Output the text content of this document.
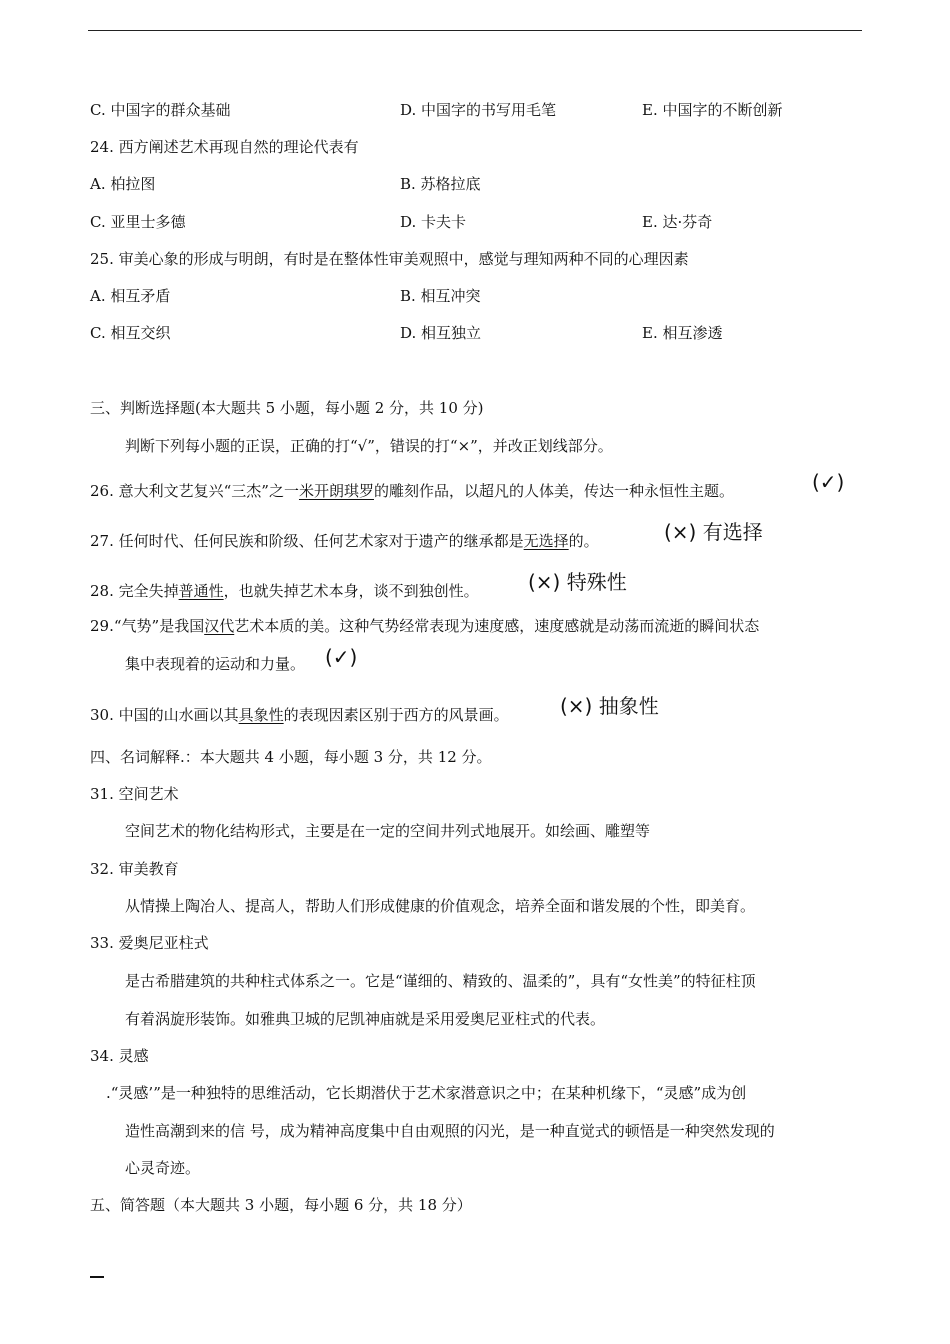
C. 中国字的群众基础	D. 中国字的书写用毛笔	E. 中国字的不断创新
24. 西方阐述艺术再现自然的理论代表有
A. 柏拉图	B. 苏格拉底
C. 亚里士多德	D. 卡夫卡	E. 达·芬奇
25. 审美心象的形成与明朗，有时是在整体性审美观照中，感觉与理知两种不同的心理因素
A. 相互矛盾	B. 相互冲突
C. 相互交织	D. 相互独立	E. 相互渗透
三、判断选择题(本大题共 5 小题，每小题 2 分，共 10 分)
判断下列每小题的正误，正确的打“√”，错误的打“×”，并改正划线部分。
26. 意大利文艺复兴“三杰”之一米开朗琪罗的雕刻作品，以超凡的人体美，传达一种永恒性主题。	(✓)
27. 任何时代、任何民族和阶级、任何艺术家对于遗产的继承都是无选择的。	(×) 有选择
28. 完全失掉普通性，也就失掉艺术本身，谈不到独创性。 (×) 特殊性
29.“气势”是我国汉代艺术本质的美。这种气势经常表现为速度感，速度感就是动荡而流逝的瞬间状态
集中表现着的运动和力量。 (✓)
30. 中国的山水画以其具象性的表现因素区别于西方的风景画。	(×) 抽象性
四、名词解释.：本大题共 4 小题，每小题 3 分，共 12 分。
31. 空间艺术
空间艺术的物化结构形式，主要是在一定的空间井列式地展开。如绘画、雕塑等
32. 审美教育
从情操上陶冶人、提高人，帮助人们形成健康的价值观念，培养全面和谐发展的个性，即美育。
33. 爱奥尼亚柱式
是古希腊建筑的共种柱式体系之一。它是“谨细的、精致的、温柔的”，具有“女性美”的特征柱顶
有着涡旋形装饰。如雅典卫城的尼凯神庙就是采用爱奥尼亚柱式的代表。
34. 灵感
.“灵感’”是一种独特的思维活动，它长期潜伏于艺术家潜意识之中；在某种机缘下，“灵感”成为创
造性高潮到来的信 号，成为精神高度集中自由观照的闪光，是一种直觉式的顿悟是一种突然发现的
心灵奇迹。
五、简答题（本大题共 3 小题，每小题 6 分，共 18 分）
